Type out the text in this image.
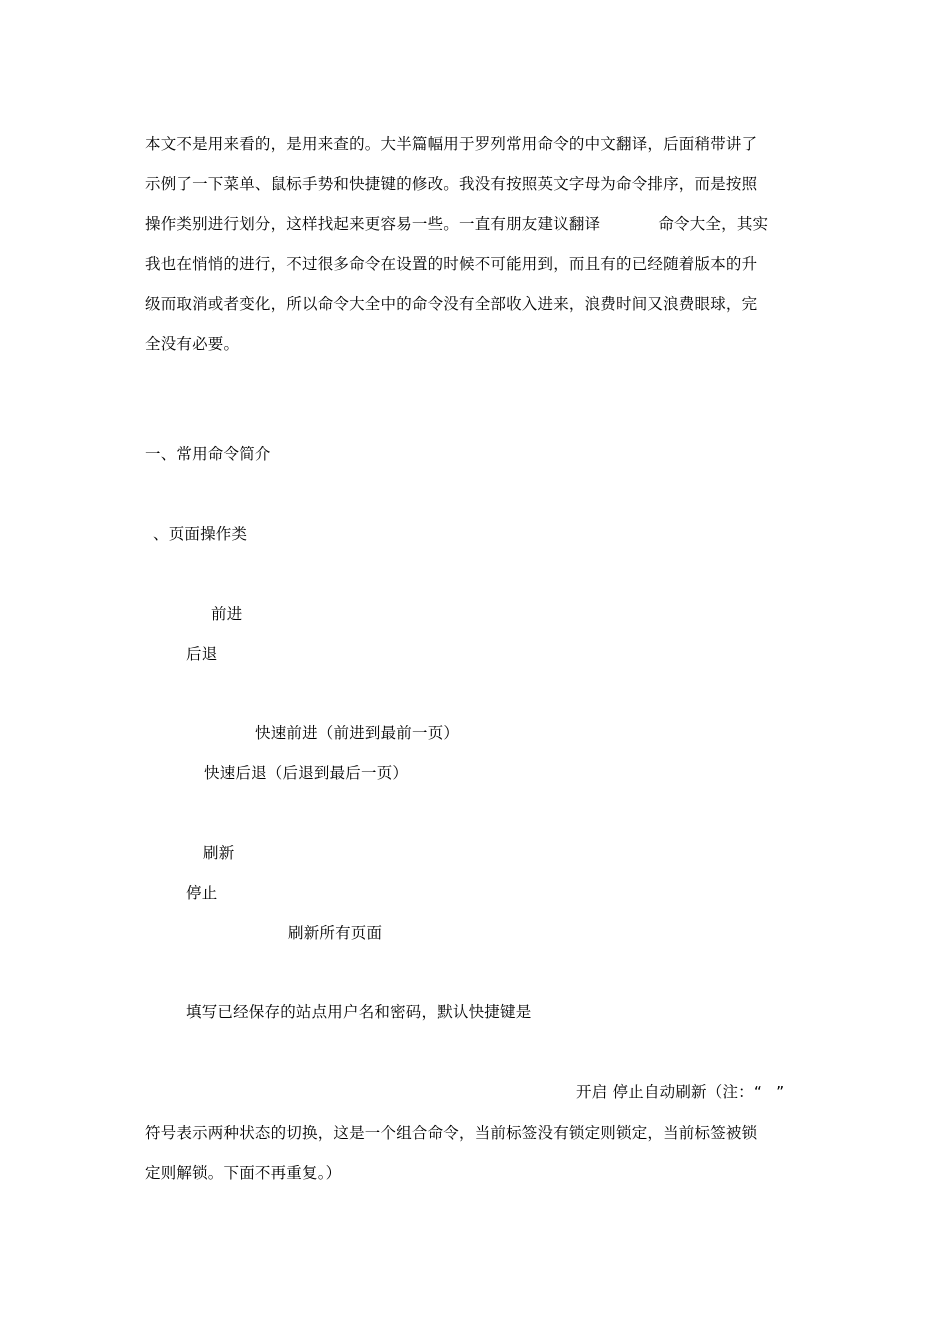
本文不是用来看的，是用来查的。大半篇幅用于罗列常用命令的中文翻译，后面稍带讲了
示例了一下菜单、鼠标手势和快捷键的修改。我没有按照英文字母为命令排序，而是按照
操作类别进行划分，这样找起来更容易一些。一直有朋友建议翻译	命令大全，其实
我也在悄悄的进行，不过很多命令在设置的时候不可能用到，而且有的已经随着版本的升
级而取消或者变化，所以命令大全中的命令没有全部收入进来，浪费时间又浪费眼球，完
全没有必要。
一、常用命令简介
、页面操作类
前进
后退
快速前进（前进到最前一页）
快速后退（后退到最后一页）
刷新
停止
刷新所有页面
填写已经保存的站点用户名和密码，默认快捷键是
开启 停止自动刷新（注：“ ”
符号表示两种状态的切换，这是一个组合命令，当前标签没有锁定则锁定，当前标签被锁
定则解锁。下面不再重复。）
